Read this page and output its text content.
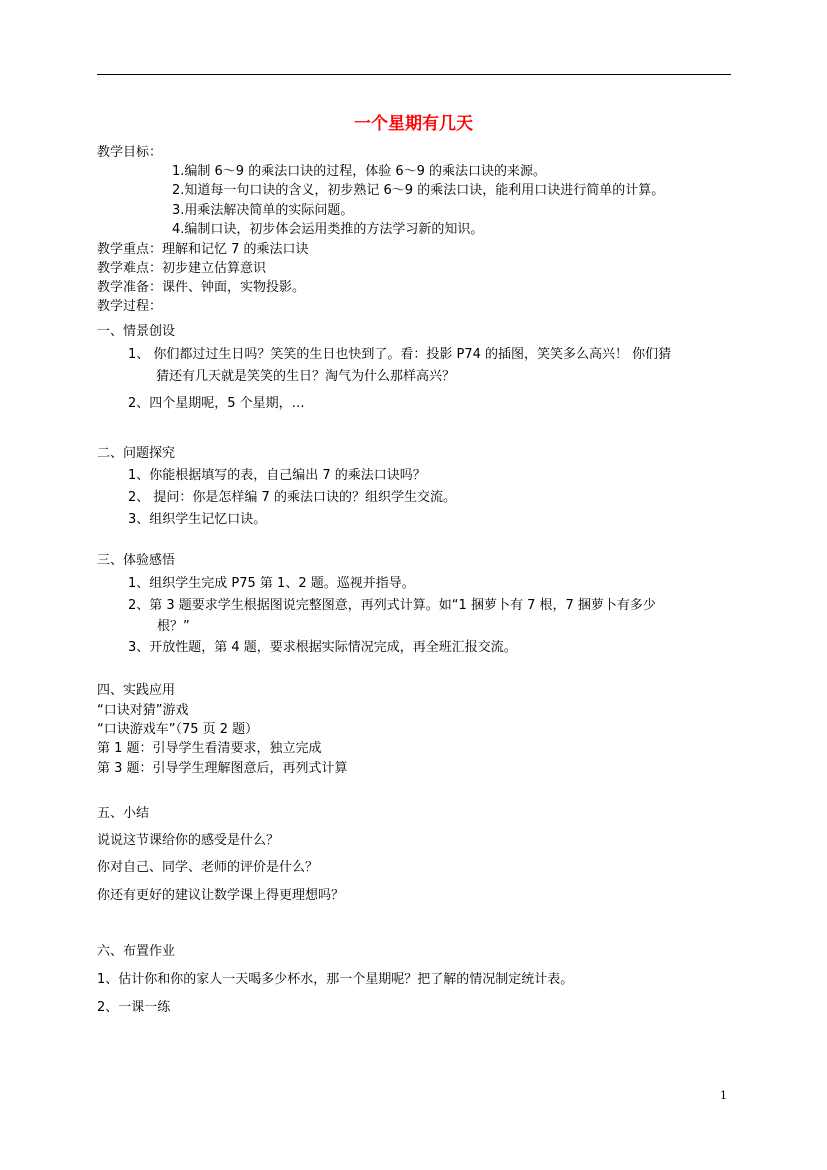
一个星期有几天
教学目标：
1.编制 6～9 的乘法口诀的过程，体验 6～9 的乘法口诀的来源。
2.知道每一句口诀的含义，初步熟记 6～9 的乘法口诀，能利用口诀进行简单的计算。
3.用乘法解决简单的实际问题。
4.编制口诀，初步体会运用类推的方法学习新的知识。
教学重点：理解和记忆 7 的乘法口诀
教学难点：初步建立估算意识
教学准备：课件、钟面，实物投影。
教学过程：
一、情景创设
1、 你们都过过生日吗？笑笑的生日也快到了。看：投影 P74 的插图，笑笑多么高兴！ 你们猜
猜还有几天就是笑笑的生日？淘气为什么那样高兴？
2、四个星期呢，5 个星期，…
二、问题探究
1、你能根据填写的表，自己编出 7 的乘法口诀吗？
2、 提问：你是怎样编 7 的乘法口诀的？组织学生交流。
3、组织学生记忆口诀。
三、体验感悟
1、组织学生完成 P75 第 1、2 题。巡视并指导。
2、第 3 题要求学生根据图说完整图意，再列式计算。如“1 捆萝卜有 7 根，7 捆萝卜有多少
根？”
3、开放性题，第 4 题，要求根据实际情况完成，再全班汇报交流。
四、实践应用
“口诀对猜”游戏
“口诀游戏车”（75 页 2 题）
第 1 题：引导学生看清要求，独立完成
第 3 题：引导学生理解图意后，再列式计算
五、小结
说说这节课给你的感受是什么？
你对自己、同学、老师的评价是什么？
你还有更好的建议让数学课上得更理想吗？
六、布置作业
1、估计你和你的家人一天喝多少杯水，那一个星期呢？把了解的情况制定统计表。
2、一课一练
1
